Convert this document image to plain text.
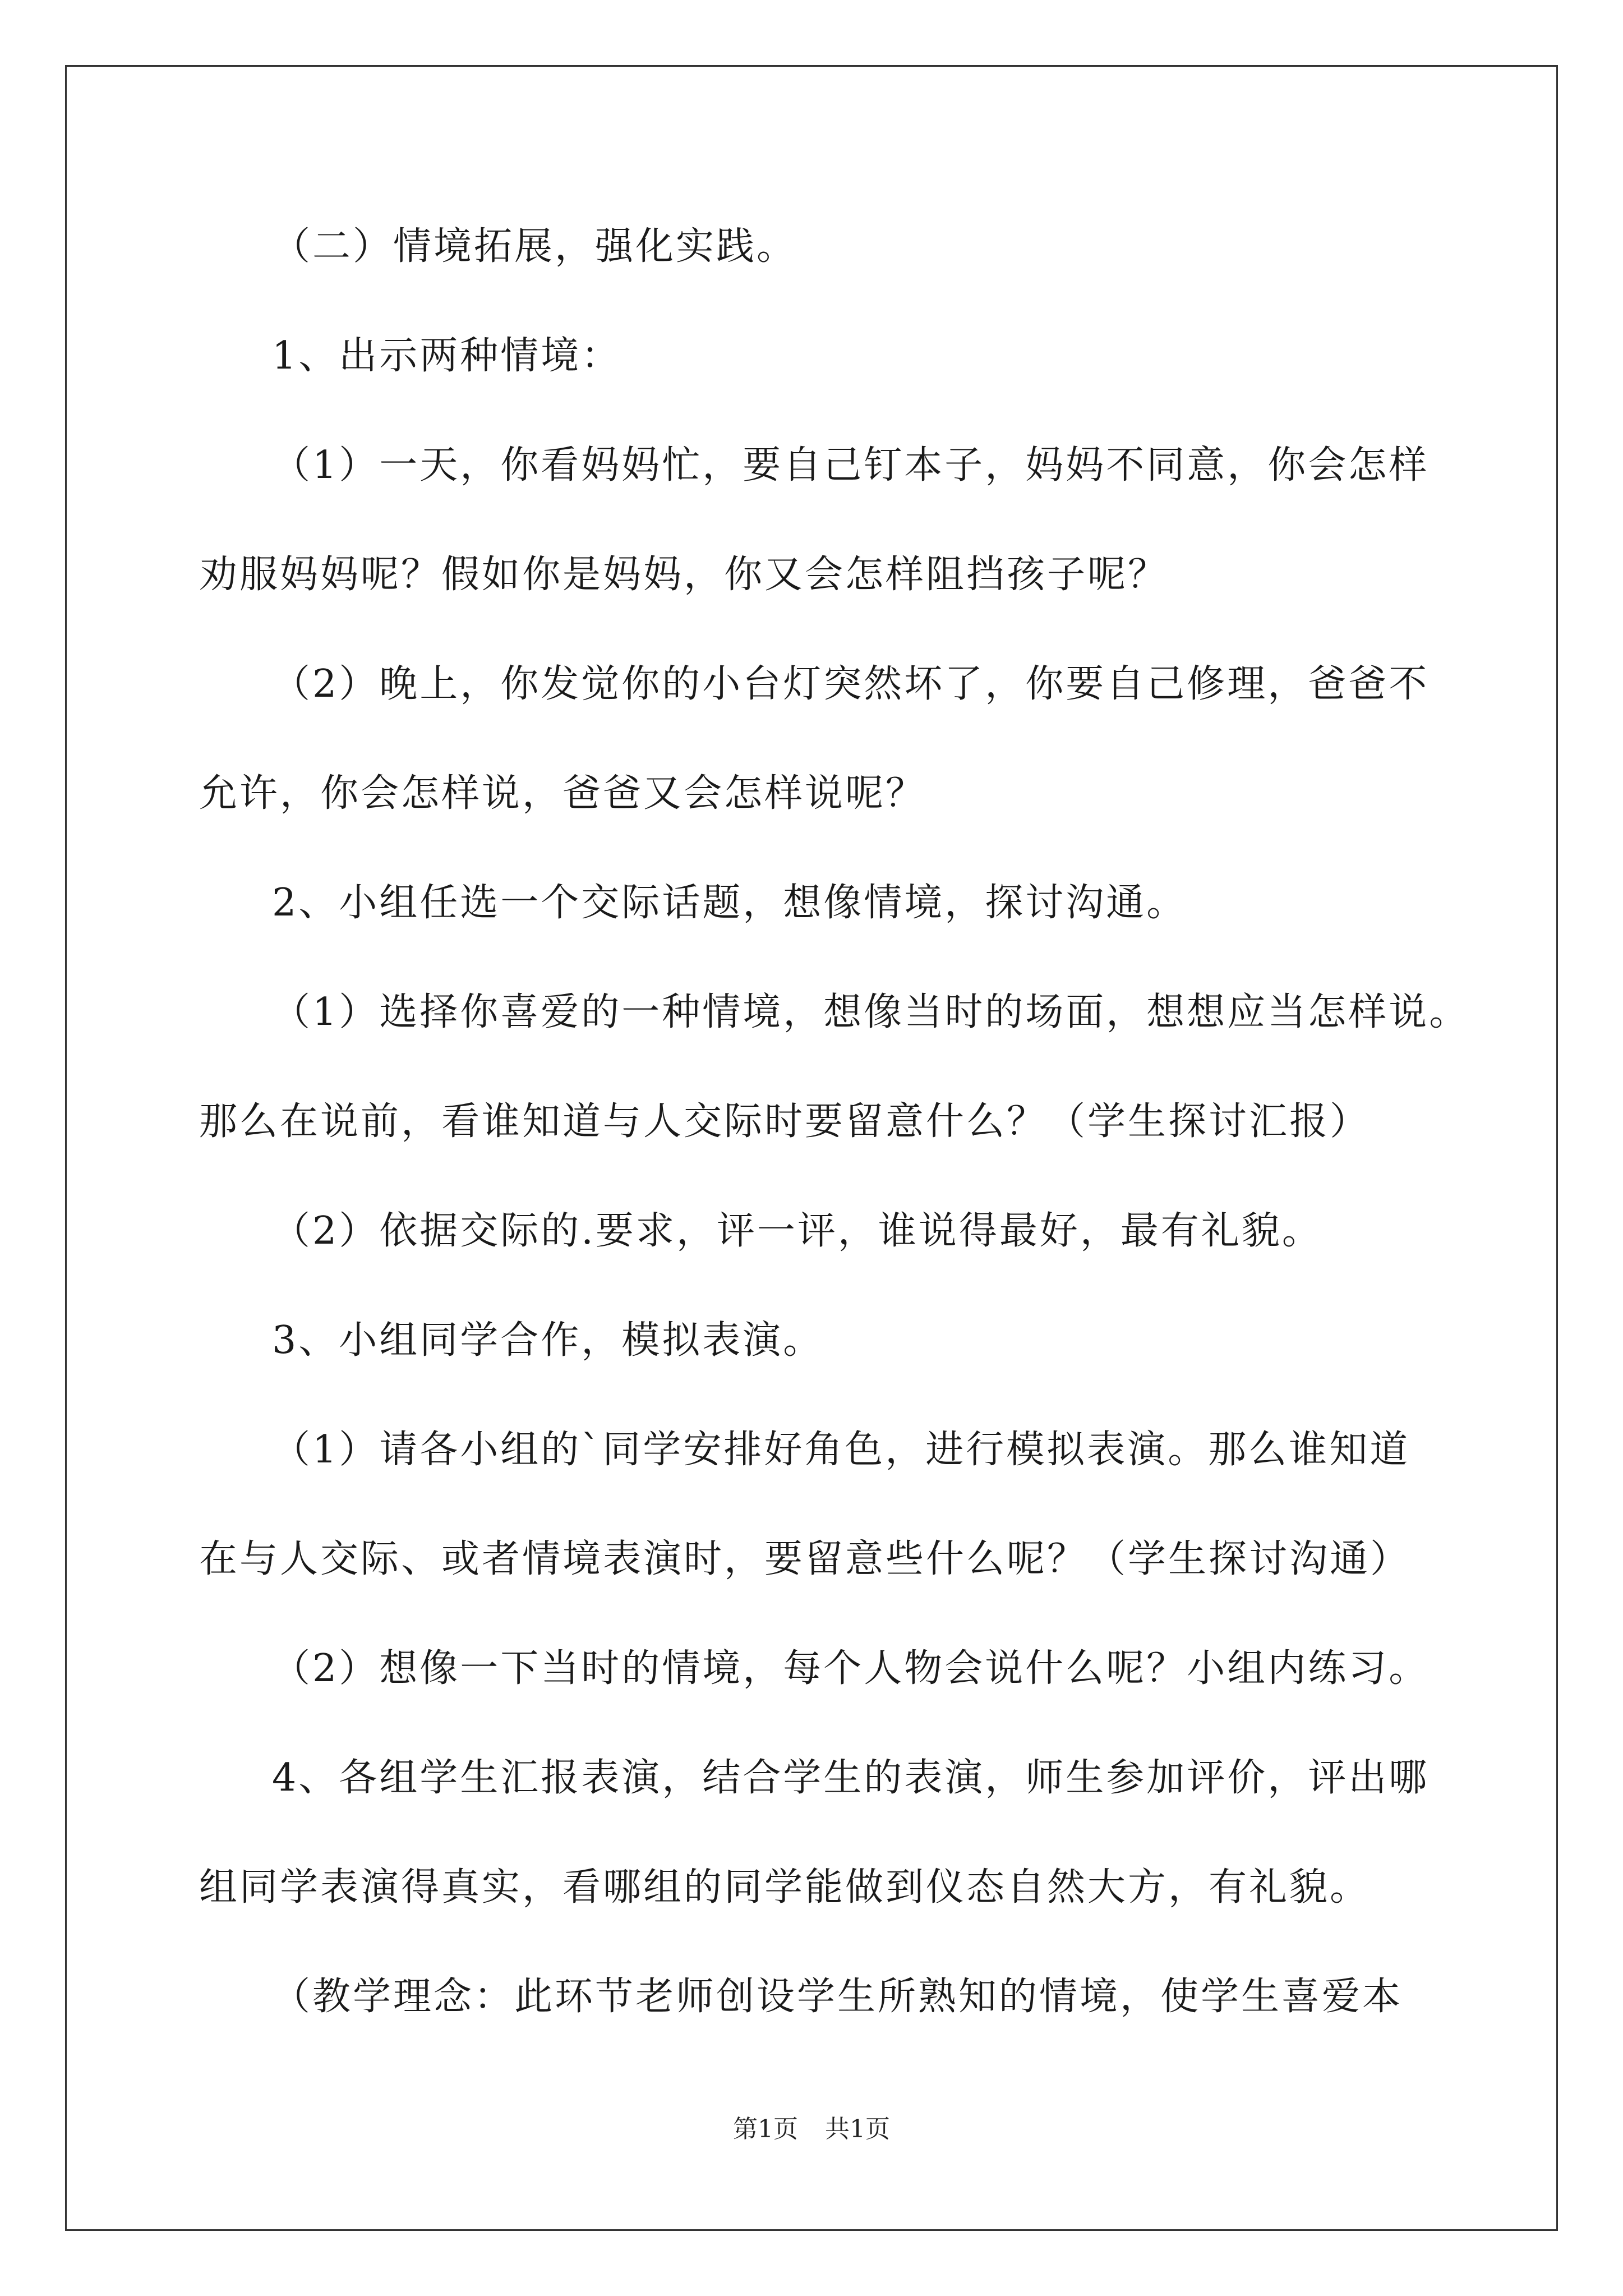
（二）情境拓展，强化实践。
1、出示两种情境：
（1）一天，你看妈妈忙，要自己钉本子，妈妈不同意，你会怎样
劝服妈妈呢？假如你是妈妈，你又会怎样阻挡孩子呢？
（2）晚上，你发觉你的小台灯突然坏了，你要自己修理，爸爸不
允许，你会怎样说，爸爸又会怎样说呢？
2、小组任选一个交际话题，想像情境，探讨沟通。
（1）选择你喜爱的一种情境，想像当时的场面，想想应当怎样说。
那么在说前，看谁知道与人交际时要留意什么？（学生探讨汇报）
（2）依据交际的.要求，评一评，谁说得最好，最有礼貌。
3、小组同学合作，模拟表演。
（1）请各小组的`同学安排好角色，进行模拟表演。那么谁知道
在与人交际、或者情境表演时，要留意些什么呢？（学生探讨沟通）
（2）想像一下当时的情境，每个人物会说什么呢？小组内练习。
4、各组学生汇报表演，结合学生的表演，师生参加评价，评出哪
组同学表演得真实，看哪组的同学能做到仪态自然大方，有礼貌。
（教学理念：此环节老师创设学生所熟知的情境，使学生喜爱本
第1页 共1页
